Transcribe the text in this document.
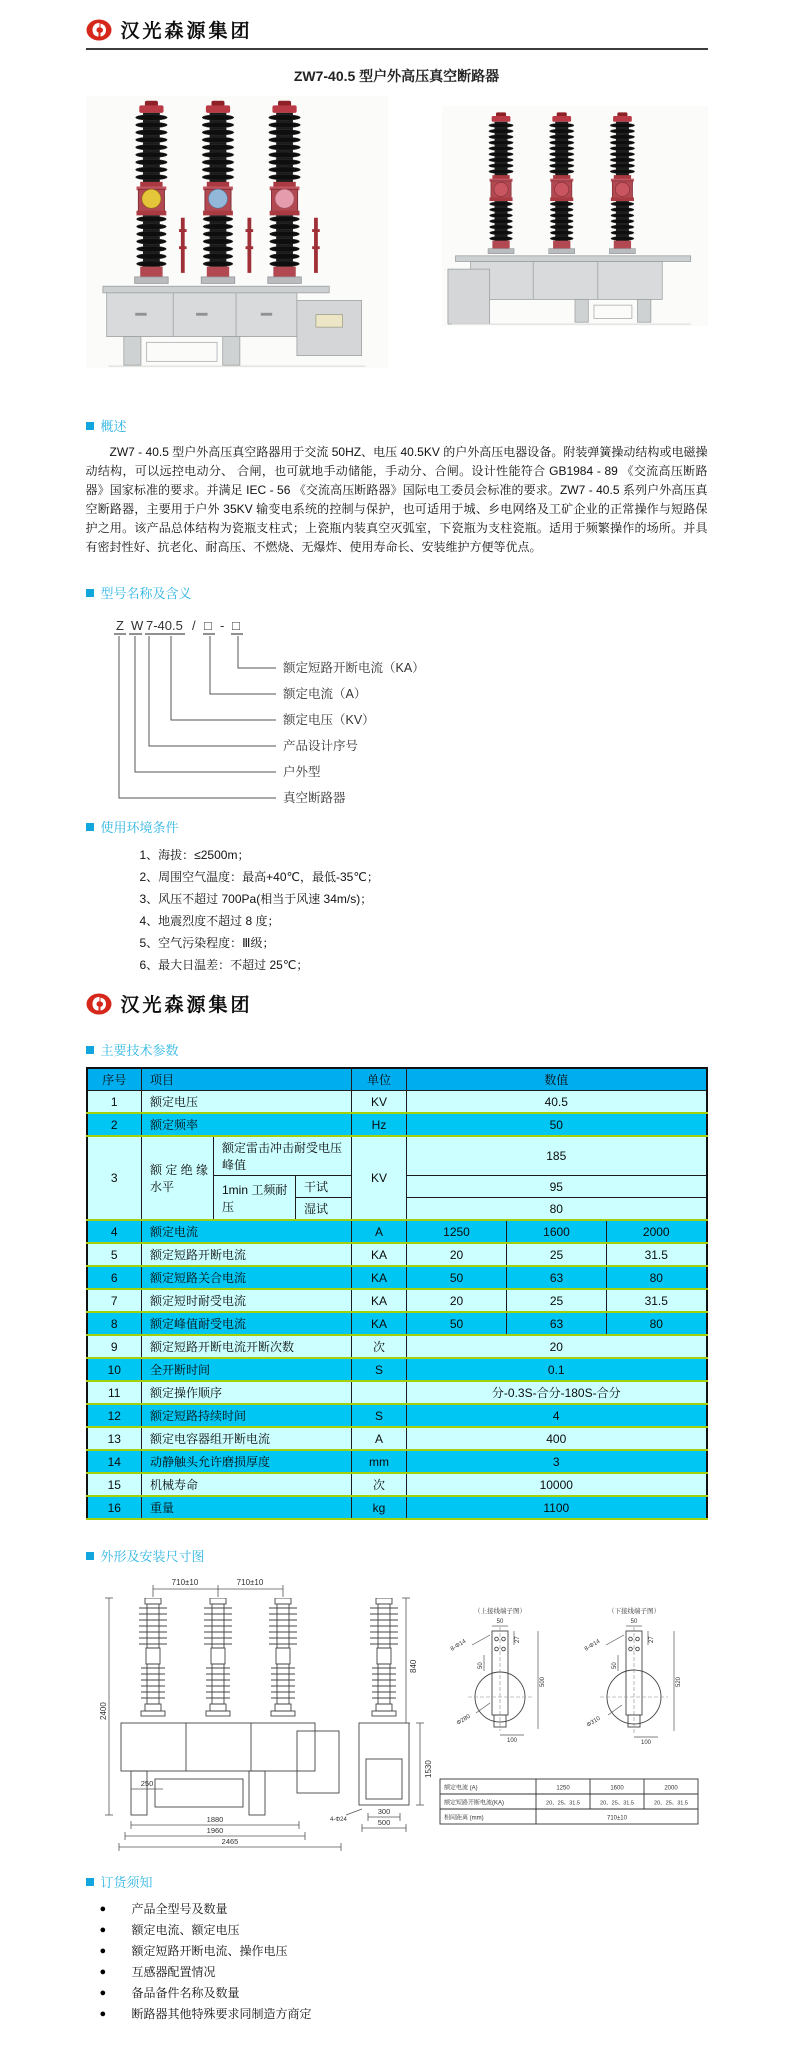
汉光森源集团
ZW7-40.5 型户外高压真空断路器
概述

ZW7 - 40.5 型户外高压真空路器用于交流 50HZ、电压 40.5KV 的户外高压电器设备。附装弹簧操动结构或电磁操动结构，可以远控电动分、 合闸，也可就地手动储能，手动分、合闸。设计性能符合 GB1984 - 89 《交流高压断路器》国家标准的要求。并满足 IEC - 56 《交流高压断路器》国际电工委员会标准的要求。ZW7 - 40.5 系列户外高压真空断路器，主要用于户外 35KV 输变电系统的控制与保护，也可适用于城、乡电网络及工矿企业的正常操作与短路保护之用。该产品总体结构为瓷瓶支柱式；上瓷瓶内装真空灭弧室，下瓷瓶为支柱瓷瓶。适用于频繁操作的场所。并具有密封性好、抗老化、耐高压、不燃烧、无爆炸、使用寿命长、安装维护方便等优点。

型号名称及含义
Z W 7-40.5 / □ - □
额定短路开断电流（KA）
额定电流（A）
额定电压（KV）
产品设计序号
户外型
真空断路器
使用环境条件
1、海拔：≤2500m；
2、周围空气温度：最高+40℃，最低-35℃；
3、风压不超过 700Pa(相当于风速 34m/s)；
4、地震烈度不超过 8 度；
5、空气污染程度：Ⅲ级；
6、最大日温差：不超过 25℃；
汉光森源集团
主要技术参数
序号	项目			单位	数值		
1	额定电压			KV	40.5		
2	额定频率			Hz	50		
3	额 定 绝 缘水平	额定雷击冲击耐受电压峰值		KV	185		
		1min 工频耐压	干试		95		
			湿试		80		
4	额定电流			A	1250	1600	2000
5	额定短路开断电流			KA	20	25	31.5
6	额定短路关合电流			KA	50	63	80
7	额定短时耐受电流			KA	20	25	31.5
8	额定峰值耐受电流			KA	50	63	80
9	额定短路开断电流开断次数			次	20		
10	全开断时间			S	0.1		
11	额定操作顺序				分-0.3S-合分-180S-合分		
12	额定短路持续时间			S	4		
13	额定电容器组开断电流			A	400		
14	动静触头允许磨损厚度			mm	3		
15	机械寿命			次	10000		
16	重量			kg	1100		
外形及安装尺寸图
710±10	710±10
2400
250
1880
1960
2465
840
1530
300
500
4-Φ24
（上接线端子图）
50
27
50
500
100
8-Φ14
Φ280
（下接线端子图）
50
27
50
520
100
8-Φ14
Φ310
额定电流 (A)	1250	1600	2000
额定短路开断电流(KA)	20、25、31.5	20、25、31.5	20、25、31.5
相间距离 (mm)	710±10
订货须知
● 产品全型号及数量
● 额定电流、额定电压
● 额定短路开断电流、操作电压
● 互感器配置情况
● 备品备件名称及数量
● 断路器其他特殊要求同制造方商定
